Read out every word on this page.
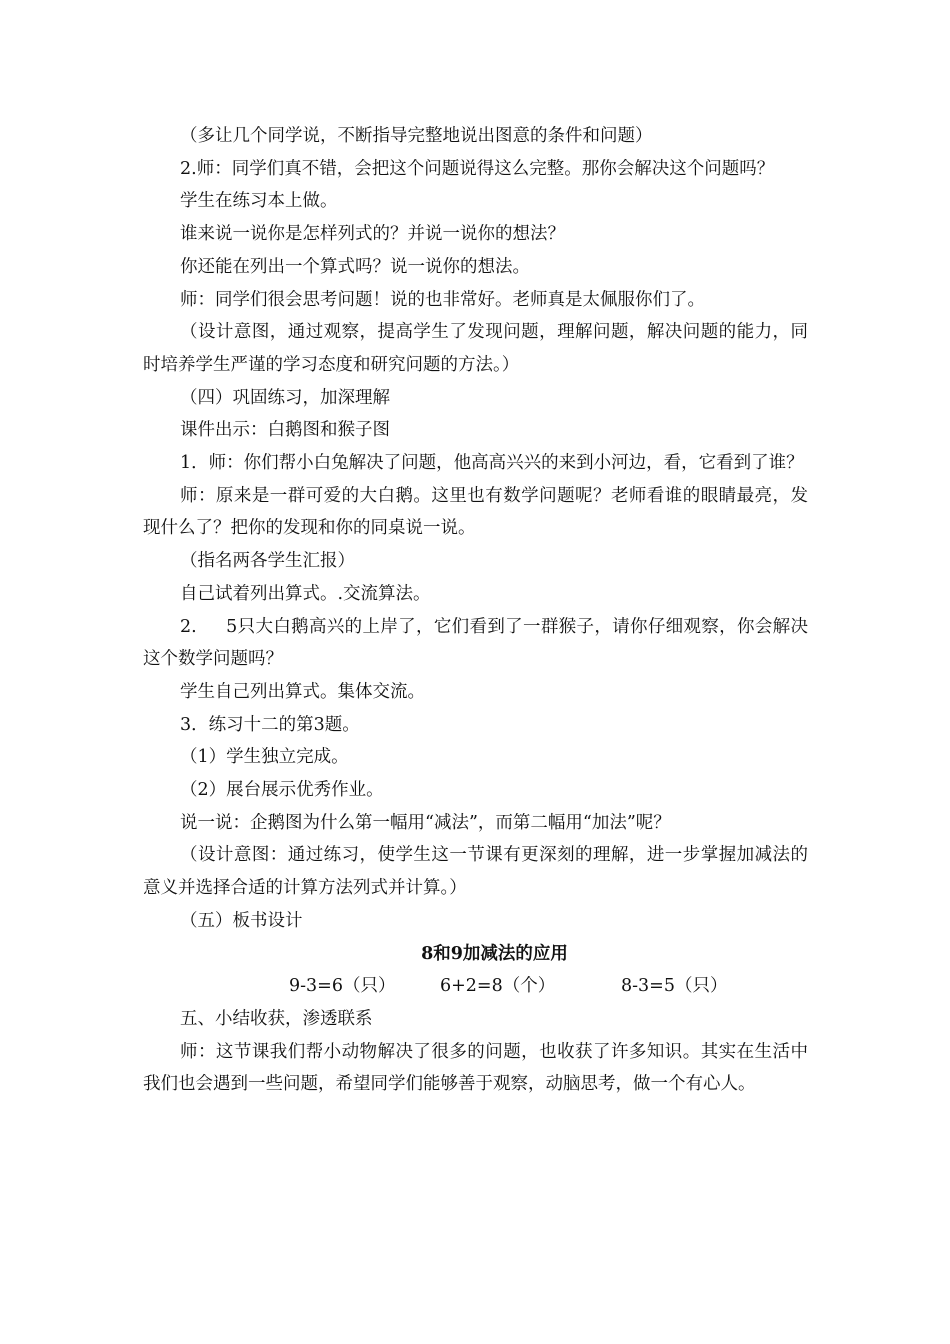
（多让几个同学说，不断指导完整地说出图意的条件和问题）

2.师：同学们真不错，会把这个问题说得这么完整。那你会解决这个问题吗？

学生在练习本上做。

谁来说一说你是怎样列式的？并说一说你的想法？

你还能在列出一个算式吗？说一说你的想法。

师：同学们很会思考问题！说的也非常好。老师真是太佩服你们了。

（设计意图，通过观察，提高学生了发现问题，理解问题，解决问题的能力，同时培养学生严谨的学习态度和研究问题的方法。）

（四）巩固练习，加深理解

课件出示：白鹅图和猴子图

1．师：你们帮小白兔解决了问题，他高高兴兴的来到小河边，看，它看到了谁？

师：原来是一群可爱的大白鹅。这里也有数学问题呢？老师看谁的眼睛最亮，发现什么了？把你的发现和你的同桌说一说。

（指名两各学生汇报）

自己试着列出算式。.交流算法。

2.     5只大白鹅高兴的上岸了，它们看到了一群猴子，请你仔细观察，你会解决这个数学问题吗？

学生自己列出算式。集体交流。

3．练习十二的第3题。

（1）学生独立完成。

（2）展台展示优秀作业。

说一说：企鹅图为什么第一幅用“减法”，而第二幅用“加法”呢？

（设计意图：通过练习，使学生这一节课有更深刻的理解，进一步掌握加减法的意义并选择合适的计算方法列式并计算。）

（五）板书设计

8和9加减法的应用

9-3=6（只）	6+2=8（个）	8-3=5（只）

五、小结收获，渗透联系

师：这节课我们帮小动物解决了很多的问题，也收获了许多知识。其实在生活中我们也会遇到一些问题，希望同学们能够善于观察，动脑思考，做一个有心人。
